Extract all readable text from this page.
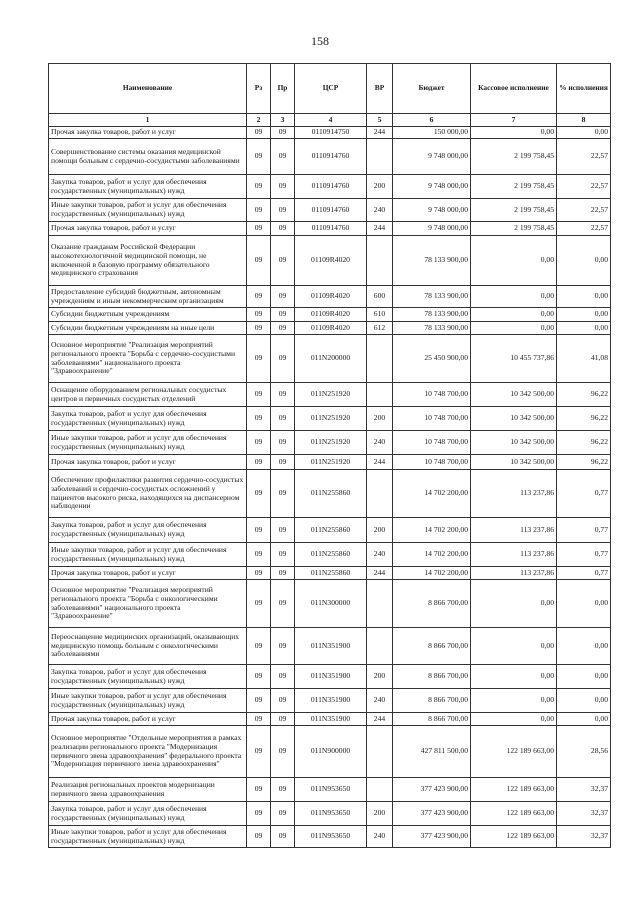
158
Наименование	Рз	Пр	ЦСР	ВР	Бюджет	Кассовое исполнение	% исполнения
1	2	3	4	5	6	7	8
Прочая закупка товаров, работ и услуг	09	09	0110914750	244	150 000,00	0,00	0,00
Совершенствование системы оказания медицинской помощи больным с сердечно-сосудистыми заболеваниями	09	09	0110914760		9 748 000,00	2 199 758,45	22,57
Закупка товаров, работ и услуг для обеспечения государственных (муниципальных) нужд	09	09	0110914760	200	9 748 000,00	2 199 758,45	22,57
Иные закупки товаров, работ и услуг для обеспечения государственных (муниципальных) нужд	09	09	0110914760	240	9 748 000,00	2 199 758,45	22,57
Прочая закупка товаров, работ и услуг	09	09	0110914760	244	9 748 000,00	2 199 758,45	22,57
Оказание гражданам Российской Федерации высокотехнологичной медицинской помощи, не включенной в базовую программу обязательного медицинского страхования	09	09	01109R4020		78 133 900,00	0,00	0,00
Предоставление субсидий бюджетным, автономным учреждениям и иным некоммерческим организациям	09	09	01109R4020	600	78 133 900,00	0,00	0,00
Субсидии бюджетным учреждениям	09	09	01109R4020	610	78 133 900,00	0,00	0,00
Субсидии бюджетным учреждениям на иные цели	09	09	01109R4020	612	78 133 900,00	0,00	0,00
Основное мероприятие "Реализация мероприятий регионального проекта "Борьба с сердечно-сосудистыми заболеваниями" национального проекта "Здравоохранение"	09	09	011N200000		25 450 900,00	10 455 737,86	41,08
Оснащение оборудованием региональных сосудистых центров и первичных сосудистых отделений	09	09	011N251920		10 748 700,00	10 342 500,00	96,22
Закупка товаров, работ и услуг для обеспечения государственных (муниципальных) нужд	09	09	011N251920	200	10 748 700,00	10 342 500,00	96,22
Иные закупки товаров, работ и услуг для обеспечения государственных (муниципальных) нужд	09	09	011N251920	240	10 748 700,00	10 342 500,00	96,22
Прочая закупка товаров, работ и услуг	09	09	011N251920	244	10 748 700,00	10 342 500,00	96,22
Обеспечение профилактики развития сердечно-сосудистых заболеваний и сердечно-сосудистых осложнений у пациентов высокого риска, находящихся на диспансерном наблюдении	09	09	011N255860		14 702 200,00	113 237,86	0,77
Закупка товаров, работ и услуг для обеспечения государственных (муниципальных) нужд	09	09	011N255860	200	14 702 200,00	113 237,86	0,77
Иные закупки товаров, работ и услуг для обеспечения государственных (муниципальных) нужд	09	09	011N255860	240	14 702 200,00	113 237,86	0,77
Прочая закупка товаров, работ и услуг	09	09	011N255860	244	14 702 200,00	113 237,86	0,77
Основное мероприятие "Реализация мероприятий регионального проекта "Борьба с онкологическими заболеваниями" национального проекта "Здравоохранение"	09	09	011N300000		8 866 700,00	0,00	0,00
Переоснащение медицинских организаций, оказывающих медицинскую помощь больным с онкологическими заболеваниями	09	09	011N351900		8 866 700,00	0,00	0,00
Закупка товаров, работ и услуг для обеспечения государственных (муниципальных) нужд	09	09	011N351900	200	8 866 700,00	0,00	0,00
Иные закупки товаров, работ и услуг для обеспечения государственных (муниципальных) нужд	09	09	011N351900	240	8 866 700,00	0,00	0,00
Прочая закупка товаров, работ и услуг	09	09	011N351900	244	8 866 700,00	0,00	0,00
Основное мероприятие "Отдельные мероприятия в рамках реализации регионального проекта "Модернизация первичного звена здравоохранения" федерального проекта "Модернизация первичного звена здравоохранения"	09	09	011N900000		427 811 500,00	122 189 663,00	28,56
Реализация региональных проектов модернизации первичного звена здравоохранения	09	09	011N953650		377 423 900,00	122 189 663,00	32,37
Закупка товаров, работ и услуг для обеспечения государственных (муниципальных) нужд	09	09	011N953650	200	377 423 900,00	122 189 663,00	32,37
Иные закупки товаров, работ и услуг для обеспечения государственных (муниципальных) нужд	09	09	011N953650	240	377 423 900,00	122 189 663,00	32,37
